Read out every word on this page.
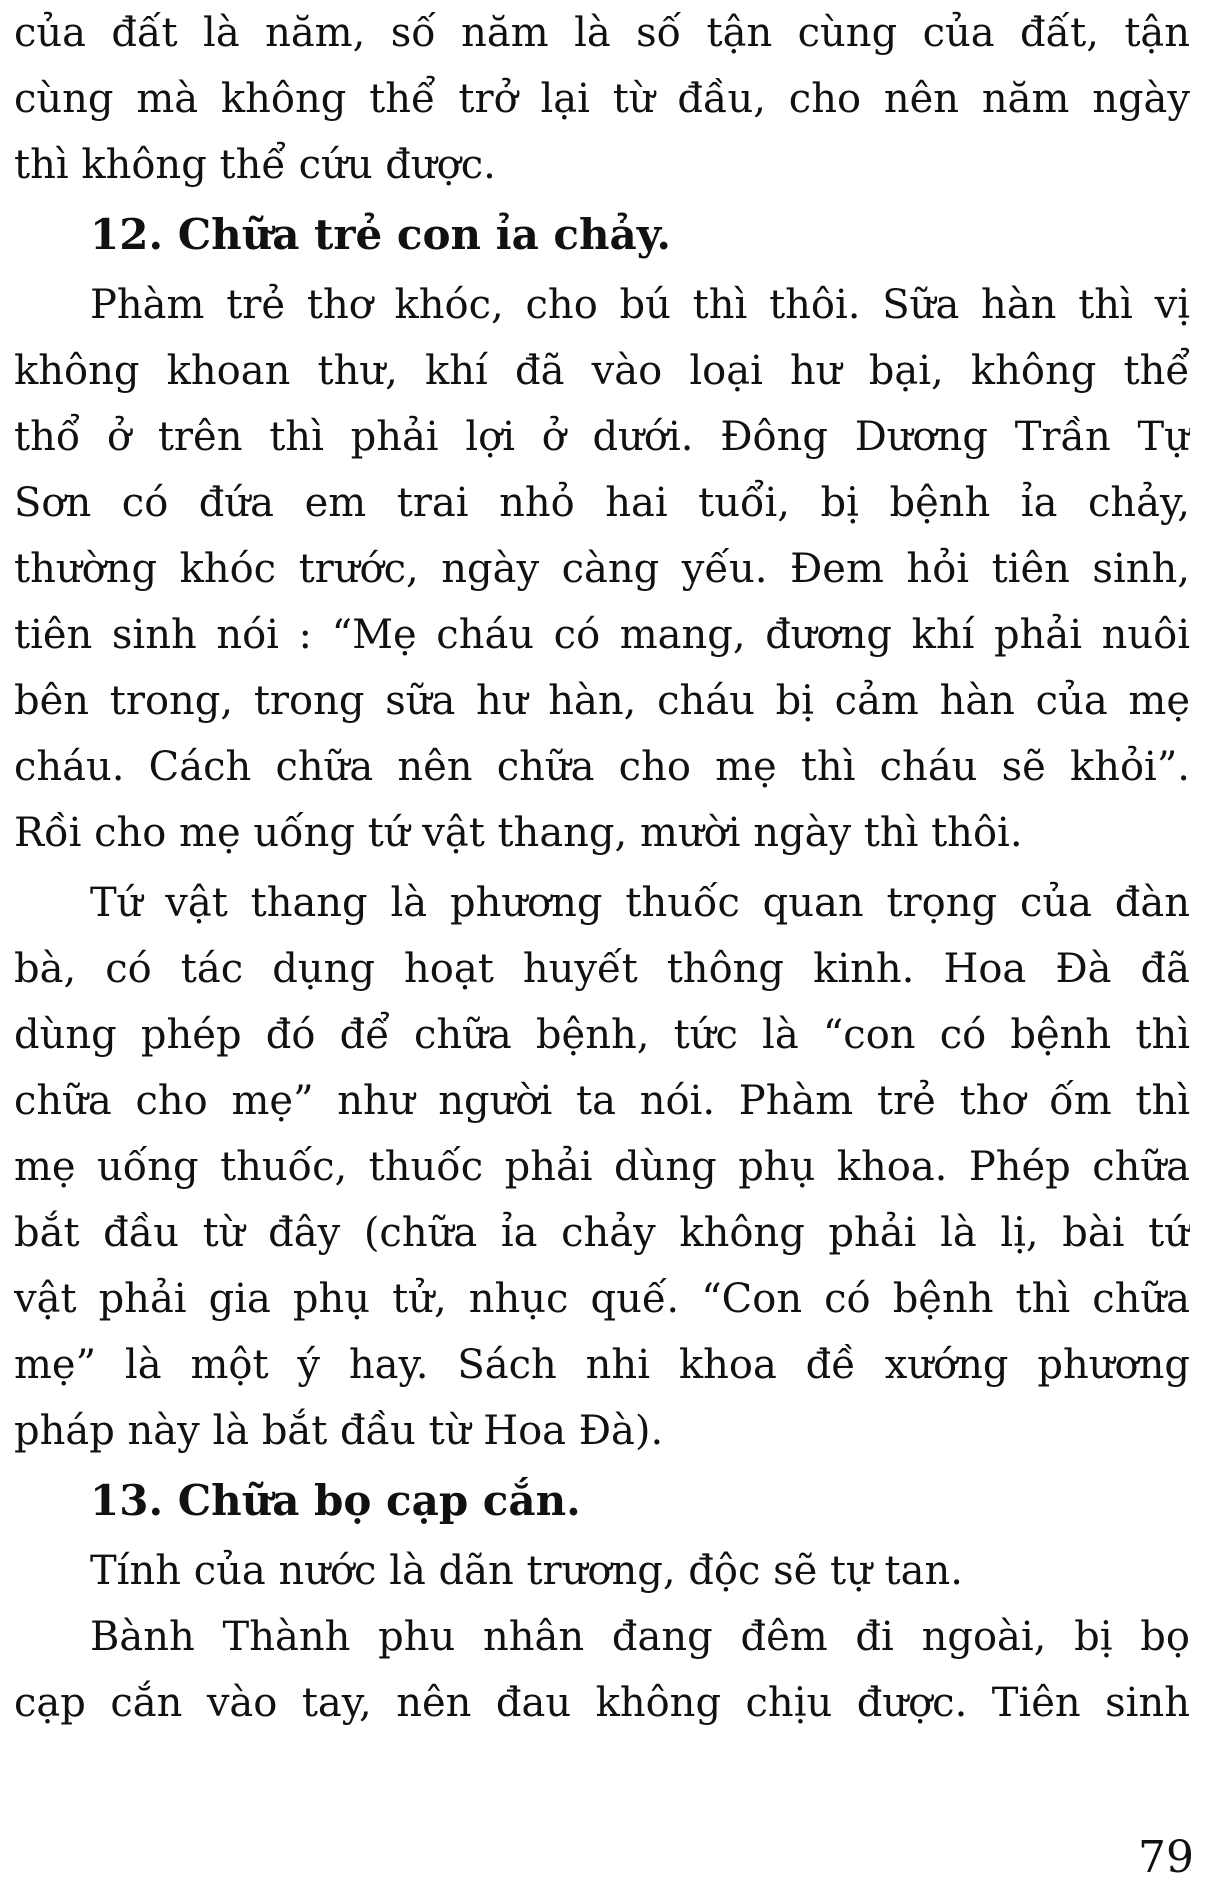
của đất là năm, số năm là số tận cùng của đất, tận
cùng mà không thể trở lại từ đầu, cho nên năm ngày
thì không thể cứu được.
12. Chữa trẻ con ỉa chảy.
Phàm trẻ thơ khóc, cho bú thì thôi. Sữa hàn thì vị
không khoan thư, khí đã vào loại hư bại, không thể
thổ ở trên thì phải lợi ở dưới. Đông Dương Trần Tự
Sơn có đứa em trai nhỏ hai tuổi, bị bệnh ỉa chảy,
thường khóc trước, ngày càng yếu. Đem hỏi tiên sinh,
tiên sinh nói : “Mẹ cháu có mang, đương khí phải nuôi
bên trong, trong sữa hư hàn, cháu bị cảm hàn của mẹ
cháu. Cách chữa nên chữa cho mẹ thì cháu sẽ khỏi”.
Rồi cho mẹ uống tứ vật thang, mười ngày thì thôi.
Tứ vật thang là phương thuốc quan trọng của đàn
bà, có tác dụng hoạt huyết thông kinh. Hoa Đà đã
dùng phép đó để chữa bệnh, tức là “con có bệnh thì
chữa cho mẹ” như người ta nói. Phàm trẻ thơ ốm thì
mẹ uống thuốc, thuốc phải dùng phụ khoa. Phép chữa
bắt đầu từ đây (chữa ỉa chảy không phải là lị, bài tứ
vật phải gia phụ tử, nhục quế. “Con có bệnh thì chữa
mẹ” là một ý hay. Sách nhi khoa đề xướng phương
pháp này là bắt đầu từ Hoa Đà).
13. Chữa bọ cạp cắn.
Tính của nước là dãn trương, độc sẽ tự tan.
Bành Thành phu nhân đang đêm đi ngoài, bị bọ
cạp cắn vào tay, nên đau không chịu được. Tiên sinh
79
